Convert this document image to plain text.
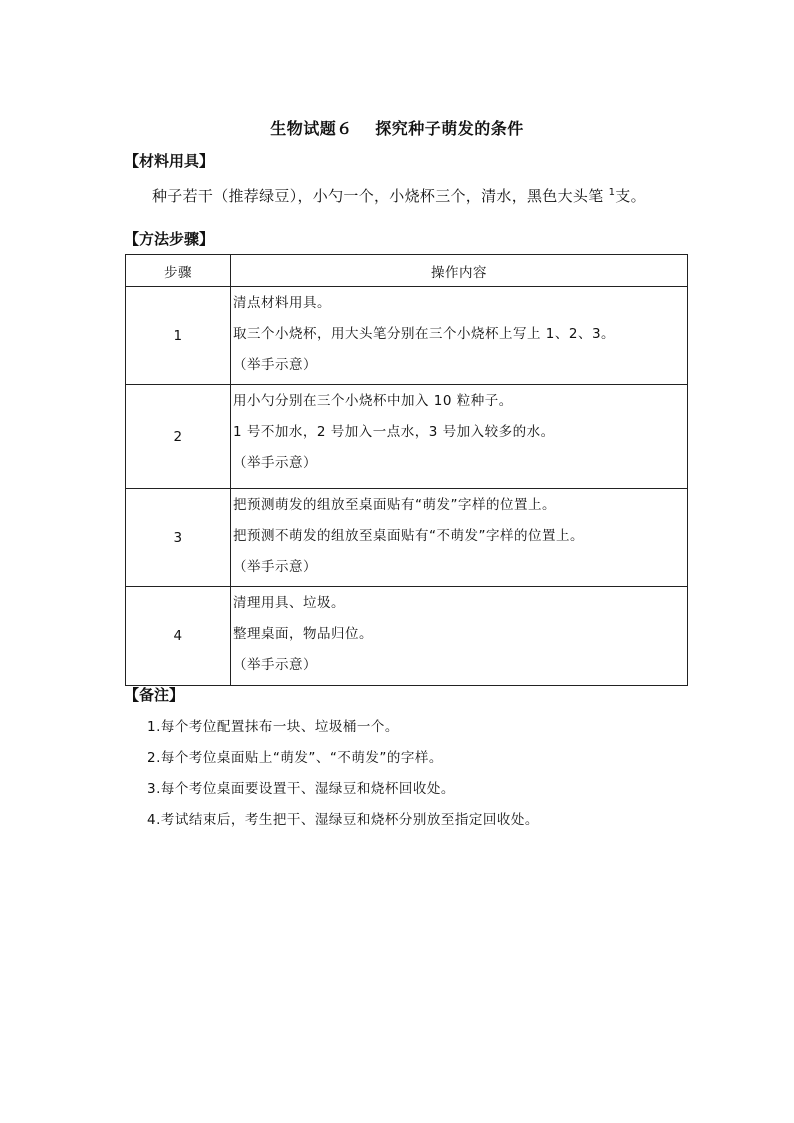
生物试题６　 探究种子萌发的条件
【材料用具】
种子若干（推荐绿豆），小勺一个，小烧杯三个，清水，黑色大头笔 $^1$支。
【方法步骤】
步骤	操作内容
1	清点材料用具。
取三个小烧杯，用大头笔分别在三个小烧杯上写上 1、2、3。
（举手示意）

2	用小勺分别在三个小烧杯中加入 10 粒种子。
1 号不加水，2 号加入一点水，3 号加入较多的水。
（举手示意）

3	把预测萌发的组放至桌面贴有“萌发”字样的位置上。
把预测不萌发的组放至桌面贴有“不萌发”字样的位置上。
（举手示意）

4	清理用具、垃圾。
整理桌面，物品归位。
（举手示意）
【备注】
1.每个考位配置抹布一块、垃圾桶一个。
2.每个考位桌面贴上“萌发”、“不萌发”的字样。
3.每个考位桌面要设置干、湿绿豆和烧杯回收处。
4.考试结束后，考生把干、湿绿豆和烧杯分别放至指定回收处。
